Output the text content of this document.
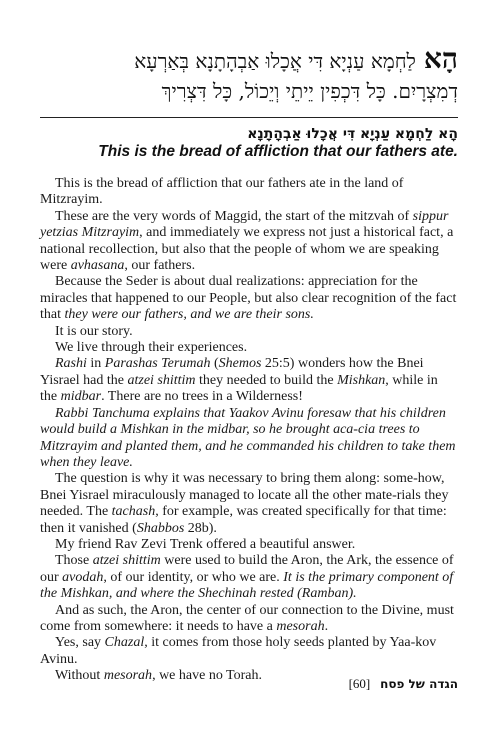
הָאלַחְמָא עַנְיָא דִּי אֲכָלוּ אַבְהָתָנָא בְּאַרְעָא
דְמִצְרָיִם. כָּל דִּכְפִין יֵיתֵי וְיֵכוֹל, כָּל דִּצְרִיךְ
הָא לַחְמָא עַנְיָא דִּי אֲכָלוּ אַבְהָתָנָא
This is the bread of affliction that our fathers ate.

This is the bread of affliction that our fathers ate in the land of Mitzrayim.

These are the very words of Maggid, the start of the mitzvah of sippur yetzias Mitzrayim, and immediately we express not just a historical fact, a national recollection, but also that the people of whom we are speaking were avhasana, our fathers.

Because the Seder is about dual realizations: appreciation for the miracles that happened to our People, but also clear recognition of the fact that they were our fathers, and we are their sons.

It is our story.

We live through their experiences.

Rashi in Parashas Terumah (Shemos 25:5) wonders how the Bnei Yisrael had the atzei shittim they needed to build the Mishkan, while in the midbar. There are no trees in a Wilderness!

Rabbi Tanchuma explains that Yaakov Avinu foresaw that his children would build a Mishkan in the midbar, so he brought aca-cia trees to Mitzrayim and planted them, and he commanded his children to take them when they leave.

The question is why it was necessary to bring them along: some-how, Bnei Yisrael miraculously managed to locate all the other mate-rials they needed. The tachash, for example, was created specifically for that time: then it vanished (Shabbos 28b).

My friend Rav Zevi Trenk offered a beautiful answer.

Those atzei shittim were used to build the Aron, the Ark, the essence of our avodah, of our identity, or who we are. It is the primary component of the Mishkan, and where the Shechinah rested (Ramban).

And as such, the Aron, the center of our connection to the Divine, must come from somewhere: it needs to have a mesorah.

Yes, say Chazal, it comes from those holy seeds planted by Yaa-kov Avinu.

Without mesorah, we have no Torah.

הגדה של פסח [60]
